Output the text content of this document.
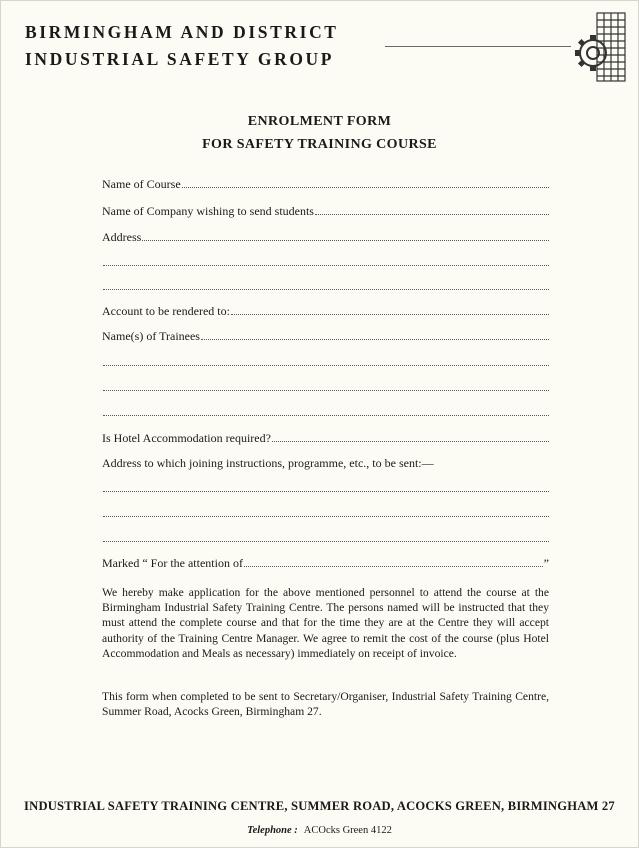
BIRMINGHAM AND DISTRICT
INDUSTRIAL SAFETY GROUP
ENROLMENT FORM
FOR SAFETY TRAINING COURSE
Name of Course
Name of Company wishing to send students
Address
Account to be rendered to:
Name(s) of Trainees
Is Hotel Accommodation required?
Address to which joining instructions, programme, etc., to be sent:—
Marked “ For the attention of	”
We hereby make application for the above mentioned personnel to attend the course at the Birmingham Industrial Safety Training Centre. The persons named will be instructed that they must attend the complete course and that for the time they are at the Centre they will accept authority of the Training Centre Manager. We agree to remit the cost of the course (plus Hotel Accommodation and Meals as necessary) immediately on receipt of invoice.
This form when completed to be sent to Secretary/Organiser, Industrial Safety Training Centre, Summer Road, Acocks Green, Birmingham 27.
INDUSTRIAL SAFETY TRAINING CENTRE, SUMMER ROAD, ACOCKS GREEN, BIRMINGHAM 27
Telephone : ACOcks Green 4122
